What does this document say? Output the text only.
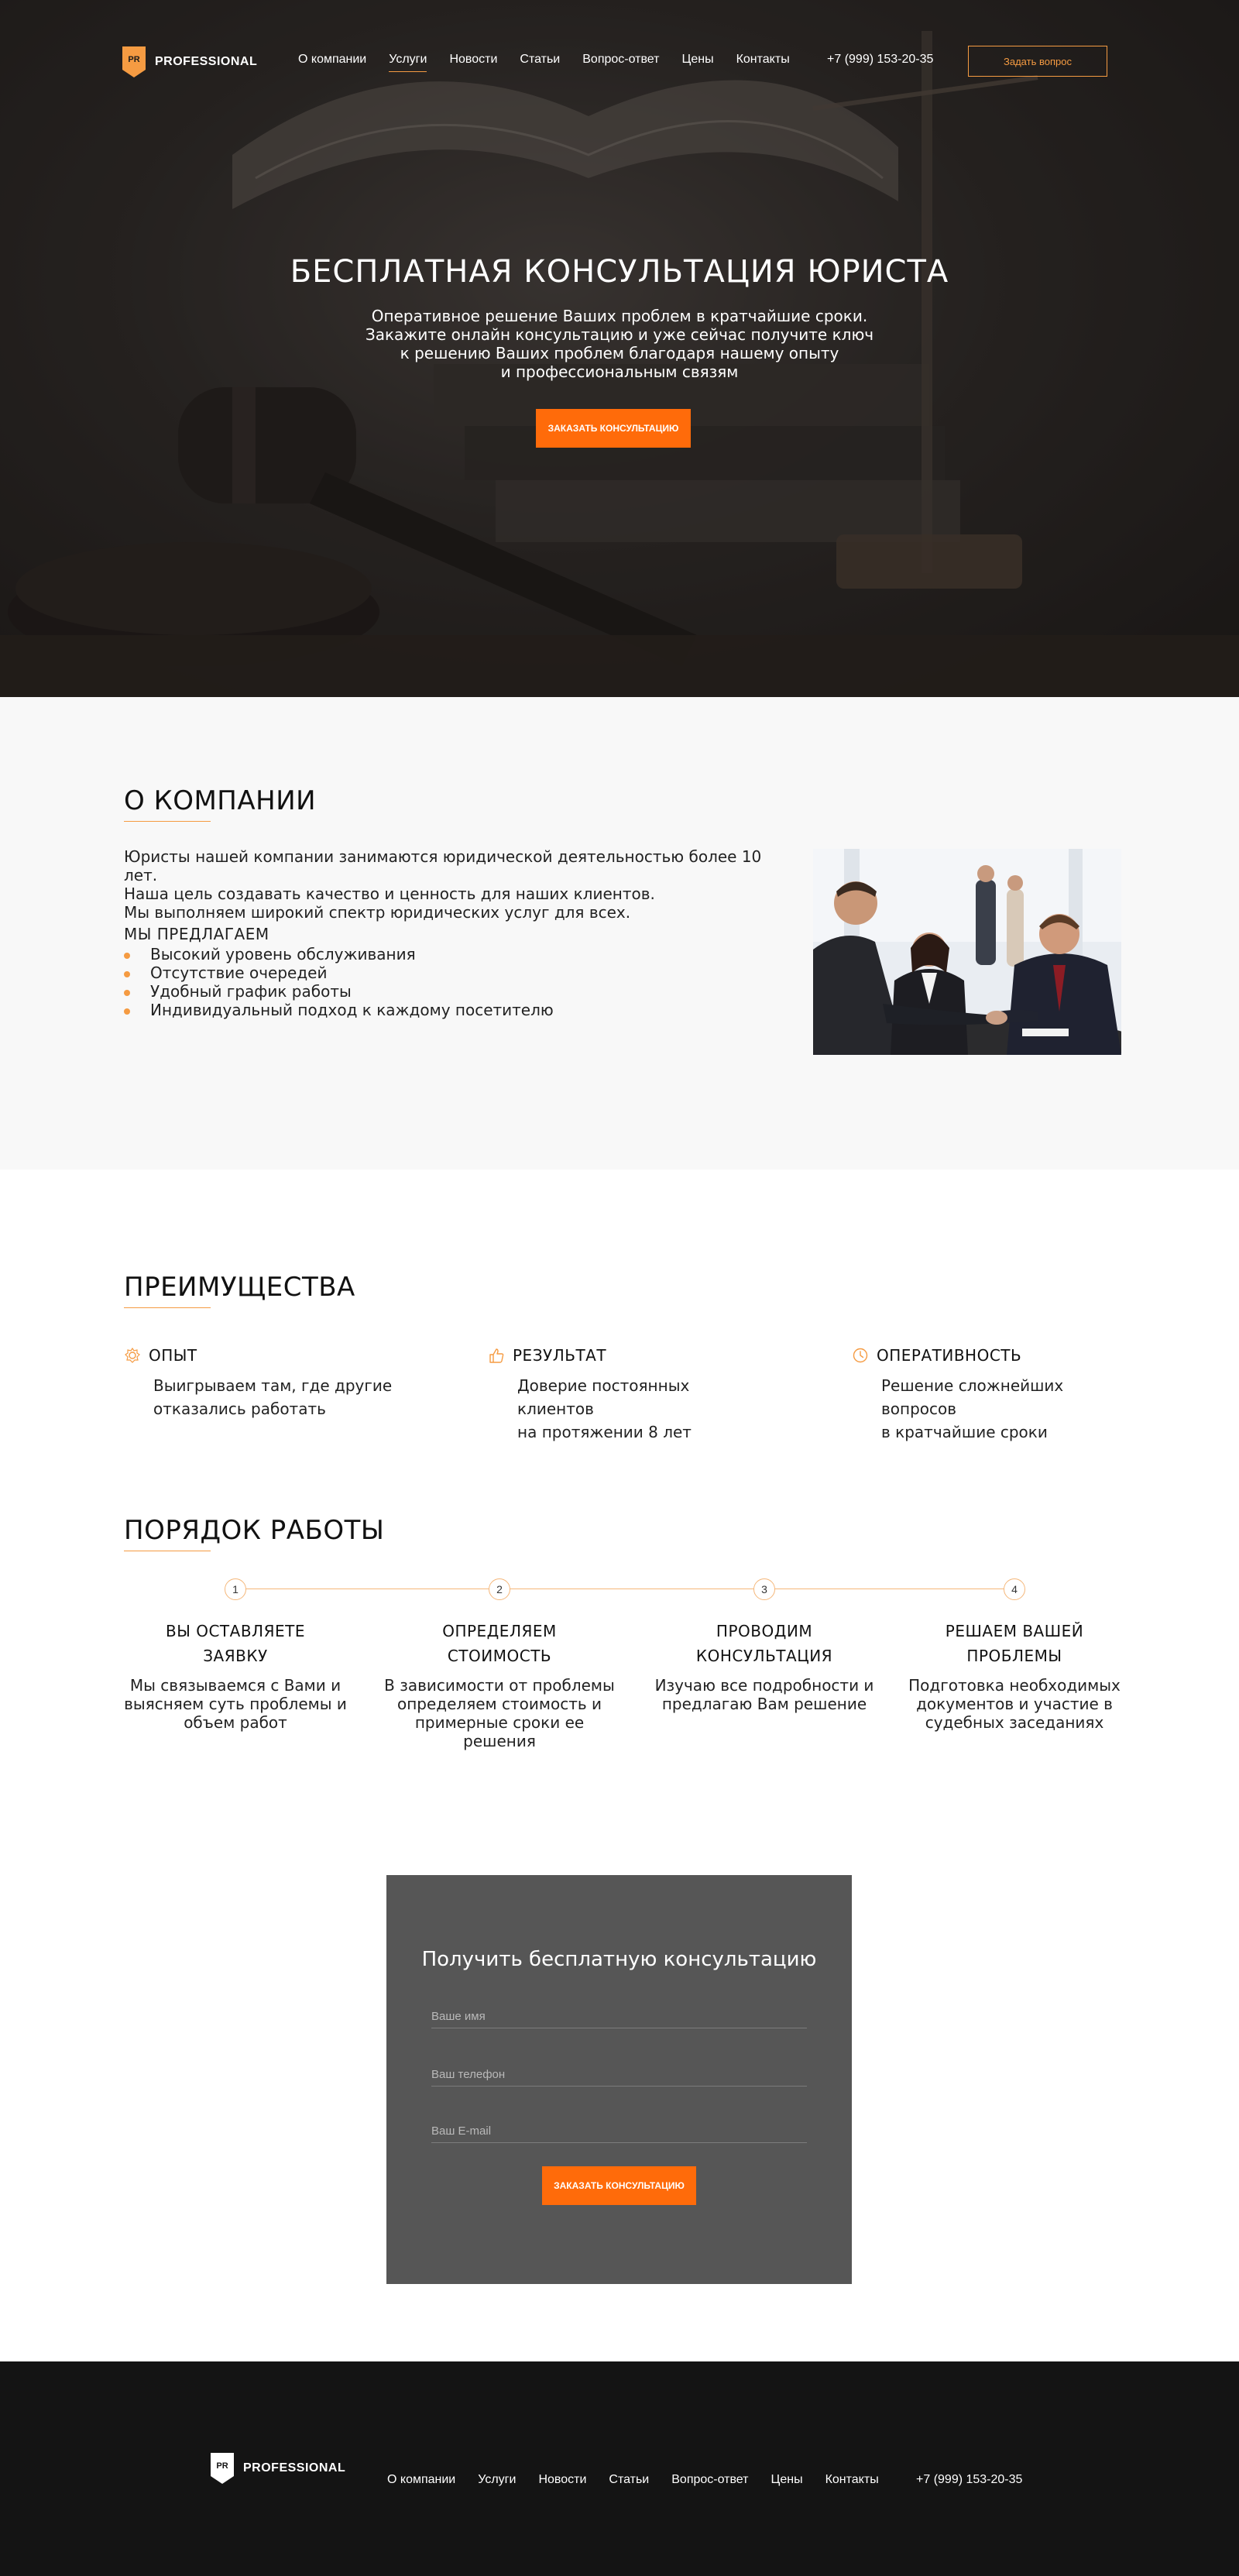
PR PROFESSIONAL	О компании Услуги Новости Статьи Вопрос-ответ Цены Контакты	+7 (999) 153-20-35	Задать вопрос
БЕСПЛАТНАЯ КОНСУЛЬТАЦИЯ ЮРИСТА
Оперативное решение Ваших проблем в кратчайшие сроки.
Закажите онлайн консультацию и уже сейчас получите ключ
к решению Ваших проблем благодаря нашему опыту
и профессиональным связям
ЗАКАЗАТЬ КОНСУЛЬТАЦИЮ
О КОМПАНИИ

Юристы нашей компании занимаются юридической деятельностью более 10 лет.

Наша цель создавать качество и ценность для наших клиентов.

Мы выполняем широкий спектр юридических услуг для всех.

МЫ ПРЕДЛАГАЕМ
Высокий уровень обслуживания
Отсутствие очередей
Удобный график работы
Индивидуальный подход к каждому посетителю
ПРЕИМУЩЕСТВА
ОПЫТ
Выигрываем там, где другие
отказались работать
РЕЗУЛЬТАТ
Доверие постоянных клиентов
на протяжении 8 лет
ОПЕРАТИВНОСТЬ
Решение сложнейших вопросов
в кратчайшие сроки
ПОРЯДОК РАБОТЫ
1
ВЫ ОСТАВЛЯЕТЕ
ЗАЯВКУ
Мы связываемся с Вами и
выясняем суть проблемы и
объем работ
2
ОПРЕДЕЛЯЕМ
СТОИМОСТЬ
В зависимости от проблемы
определяем стоимость и
примерные сроки ее решения
3
ПРОВОДИМ
КОНСУЛЬТАЦИЯ
Изучаю все подробности и
предлагаю Вам решение
4
РЕШАЕМ ВАШЕЙ
ПРОБЛЕМЫ
Подготовка необходимых
документов и участие в
судебных заседаниях
Получить бесплатную консультацию
Ваше имя
Ваш телефон
Ваш E-mail
ЗАКАЗАТЬ КОНСУЛЬТАЦИЮ
PR PROFESSIONAL
О компании Услуги Новости Статьи Вопрос-ответ Цены Контакты	+7 (999) 153-20-35
